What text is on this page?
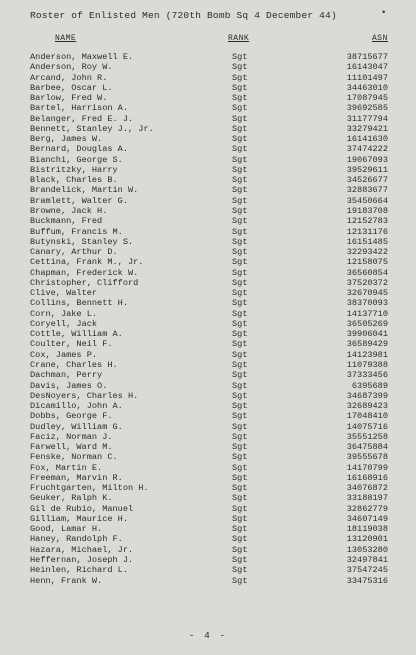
Roster of Enlisted Men (720th Bomb Sq 4 December 44)	•
NAME	RANK	ASN
Anderson, Maxwell E.	Sgt	38715677
Anderson, Roy W.	Sgt	16143047
Arcand, John R.	Sgt	11101497
Barbee, Oscar L.	Sgt	34463010
Barlow, Fred W.	Sgt	17087945
Bartel, Harrison A.	Sgt	39692585
Belanger, Fred E. J.	Sgt	31177794
Bennett, Stanley J., Jr.	Sgt	33279421
Berg, James W.	Sgt	16141630
Bernard, Douglas A.	Sgt	37474222
Bianchi, George S.	Sgt	19067093
Bistritzky, Harry	Sgt	39529611
Black, Charles B.	Sgt	34526677
Brandelick, Martin W.	Sgt	32883677
Bramlett, Walter G.	Sgt	35450664
Browne, Jack H.	Sgt	19183708
Buckmann, Fred	Sgt	12152783
Buffum, Francis M.	Sgt	12131176
Butynski, Stanley S.	Sgt	16151485
Canary, Arthur D.	Sgt	32293422
Cettina, Frank M., Jr.	Sgt	12158075
Chapman, Frederick W.	Sgt	36560854
Christopher, Clifford	Sgt	37520372
Clive, Walter	Sgt	32670945
Collins, Bennett H.	Sgt	38370093
Corn, Jake L.	Sgt	14137710
Coryell, Jack	Sgt	36505269
Cottle, William A.	Sgt	39906041
Coulter, Neil F.	Sgt	36589429
Cox, James P.	Sgt	14123981
Crane, Charles H.	Sgt	11079388
Dachman, Perry	Sgt	37333456
Davis, James O.	Sgt	6395689
DesNoyers, Charles H.	Sgt	34687399
Dicamillo, John A.	Sgt	32689423
Dobbs, George F.	Sgt	17048410
Dudley, William G.	Sgt	14075716
Faciz, Norman J.	Sgt	35551258
Farwell, Ward M.	Sgt	36475884
Fenske, Norman C.	Sgt	39555678
Fox, Martin E.	Sgt	14170799
Freeman, Marvin R.	Sgt	16168916
Fruchtgarten, Milton H.	Sgt	34076872
Geuker, Ralph K.	Sgt	33188197
Gil de Rubio, Manuel	Sgt	32862779
Gilliam, Maurice H.	Sgt	34607149
Good, Lamar H.	Sgt	18119038
Haney, Randolph F.	Sgt	13120901
Hazara, Michael, Jr.	Sgt	13053280
Heffernan, Joseph J.	Sgt	32497841
Heinlen, Richard L.	Sgt	37547245
Henn, Frank W.	Sgt	33475316
- 4 -
